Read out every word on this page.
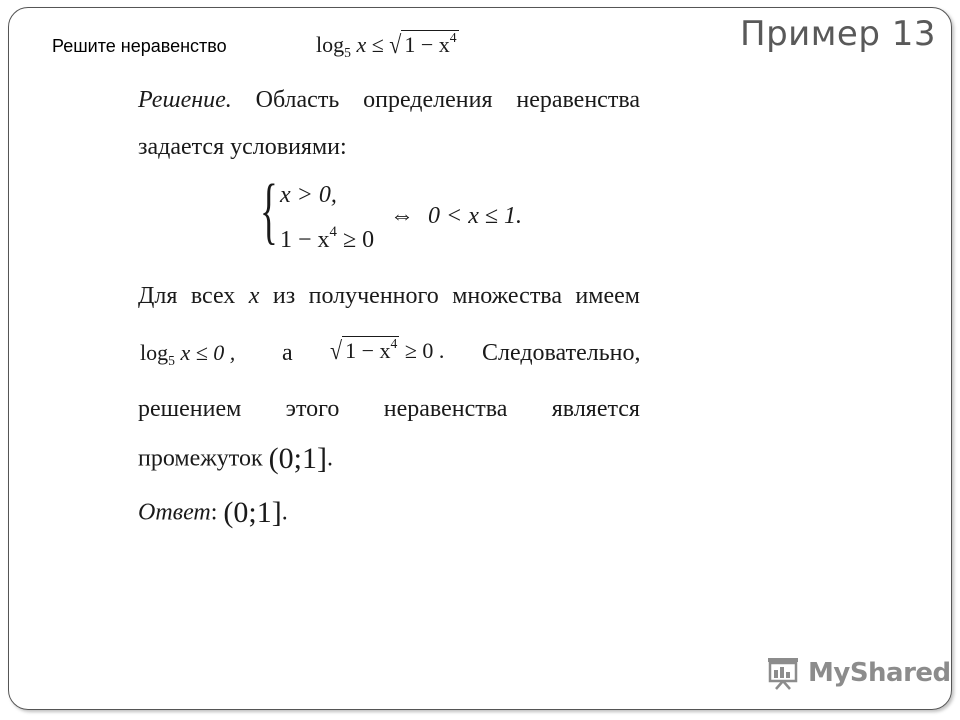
Пример 13
Решите неравенство	$\log_5 x$ ≤ √ $1 - x^4$
Решение. Область определения неравенства
задается условиями:
{ x > 0,
$1 - x^4 \ge 0$
⇔ 0 < x ≤ 1.
Для всех x из полученного множества имеем
$\log_5 x \le 0$ , а √ $1 - x^4 \ge 0$ . Следовательно,
решением этого неравенства является
промежуток (0;1].
Ответ: (0;1].
MyShared
